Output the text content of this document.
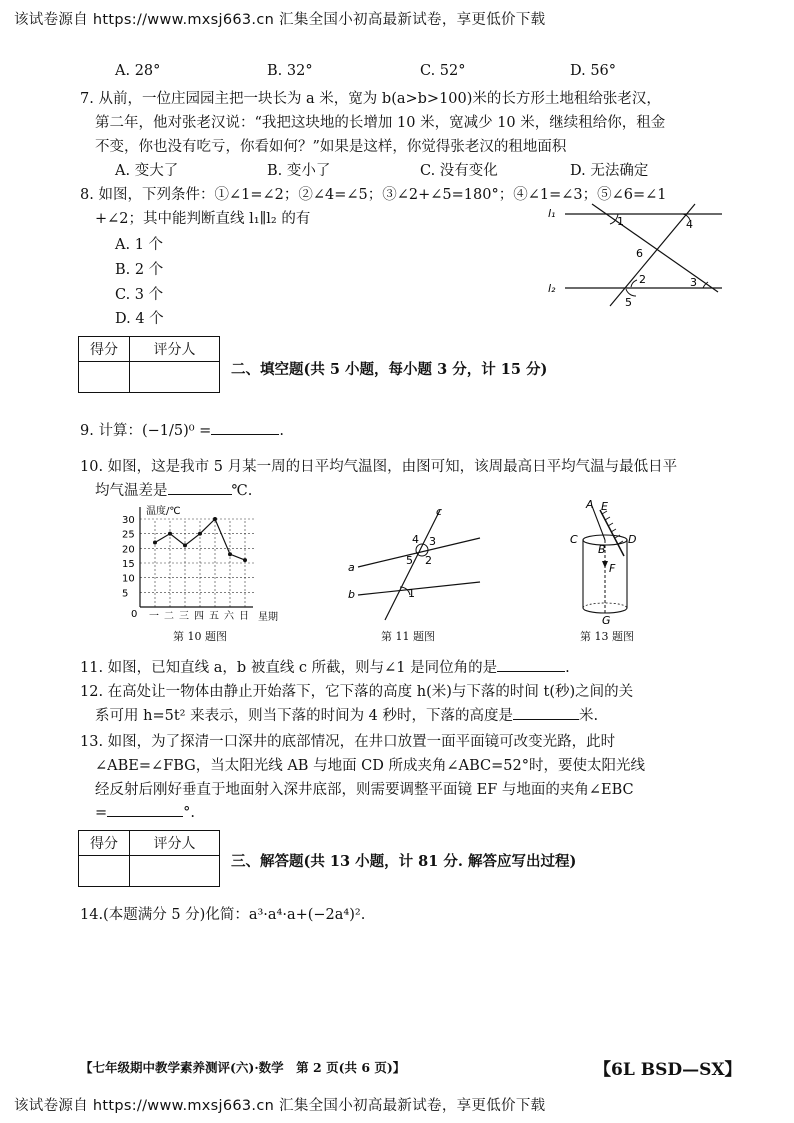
该试卷源自 https://www.mxsj663.cn 汇集全国小初高最新试卷，享更低价下载
A. 28°	B. 32°	C. 52°	D. 56°
7. 从前，一位庄园园主把一块长为 a 米，宽为 b(a>b>100)米的长方形土地租给张老汉，
第二年，他对张老汉说：“我把这块地的长增加 10 米，宽减少 10 米，继续租给你，租金
不变，你也没有吃亏，你看如何？”如果是这样，你觉得张老汉的租地面积
A. 变大了	B. 变小了	C. 没有变化	D. 无法确定
8. 如图，下列条件：①∠1=∠2；②∠4=∠5；③∠2+∠5=180°；④∠1=∠3；⑤∠6=∠1
+∠2；其中能判断直线 l₁∥l₂ 的有
A. 1 个
B. 2 个
C. 3 个
D. 4 个
l₁
l₂
1	4
6
2	3
5
得分	评分人

二、填空题(共 5 小题，每小题 3 分，计 15 分)
9. 计算：(−1/5)⁰ =	.
10. 如图，这是我市 5 月某一周的日平均气温图，由图可知，该周最高日平均气温与最低日平
均气温差是	℃.
温度/℃
星期
0
5
10
15
20
25
30
一 二 三 四 五 六 日
c
a
b
4 3
5 2
1
A E
C
B
D
F
G
第 10 题图	第 11 题图	第 13 题图
11. 如图，已知直线 a，b 被直线 c 所截，则与∠1 是同位角的是	.
12. 在高处让一物体由静止开始落下，它下落的高度 h(米)与下落的时间 t(秒)之间的关
系可用 h=5t² 来表示，则当下落的时间为 4 秒时，下落的高度是	米.
13. 如图，为了探清一口深井的底部情况，在井口放置一面平面镜可改变光路，此时
∠ABE=∠FBG，当太阳光线 AB 与地面 CD 所成夹角∠ABC=52°时，要使太阳光线
经反射后刚好垂直于地面射入深井底部，则需要调整平面镜 EF 与地面的夹角∠EBC
=	°.
得分	评分人

三、解答题(共 13 小题，计 81 分. 解答应写出过程)
14.(本题满分 5 分)化简：a³·a⁴·a+(−2a⁴)².
【七年级期中教学素养测评(六)·数学　第 2 页(共 6 页)】	【6L BSD—SX】
该试卷源自 https://www.mxsj663.cn 汇集全国小初高最新试卷，享更低价下载
